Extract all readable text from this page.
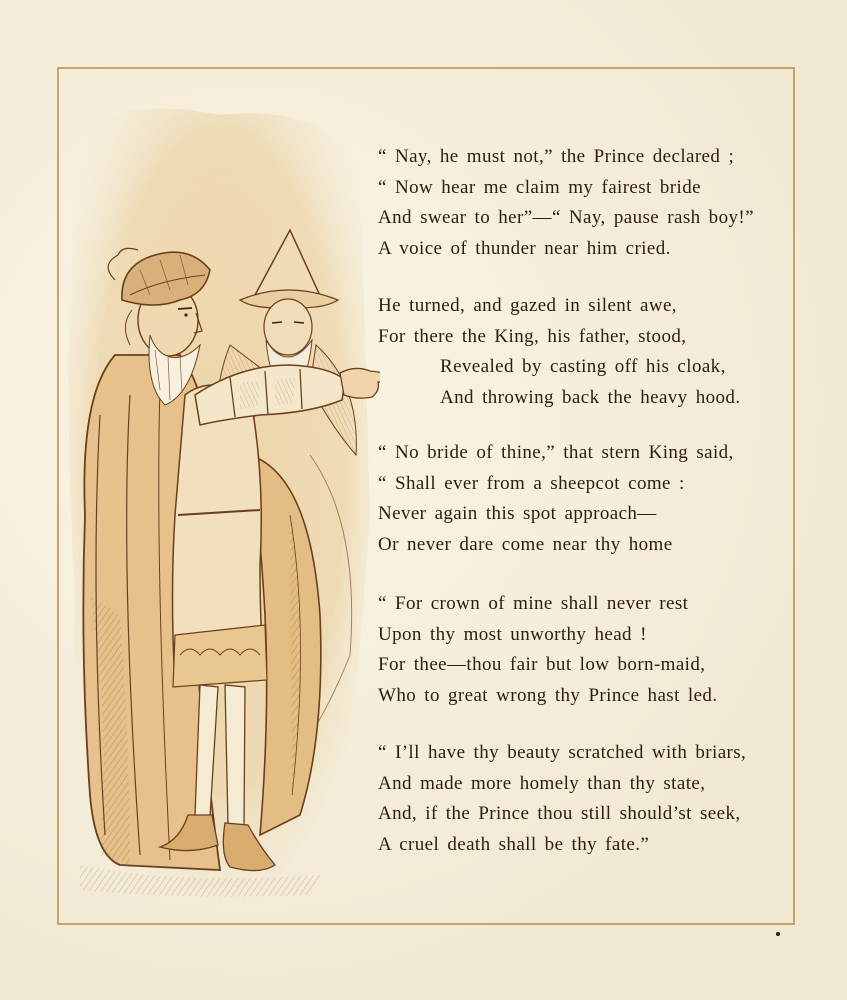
“ Nay, he must not,” the Prince declared ;
“ Now hear me claim my fairest bride
And swear to her”—“ Nay, pause rash boy!”
A voice of thunder near him cried.
He turned, and gazed in silent awe,
For there the King, his father, stood,
Revealed by casting off his cloak,
And throwing back the heavy hood.
“ No bride of thine,” that stern King said,
“ Shall ever from a sheepcot come :
Never again this spot approach—
Or never dare come near thy home
“ For crown of mine shall never rest
Upon thy most unworthy head !
For thee—thou fair but low born-maid,
Who to great wrong thy Prince hast led.
“ I’ll have thy beauty scratched with briars,
And made more homely than thy state,
And, if the Prince thou still should’st seek,
A cruel death shall be thy fate.”
